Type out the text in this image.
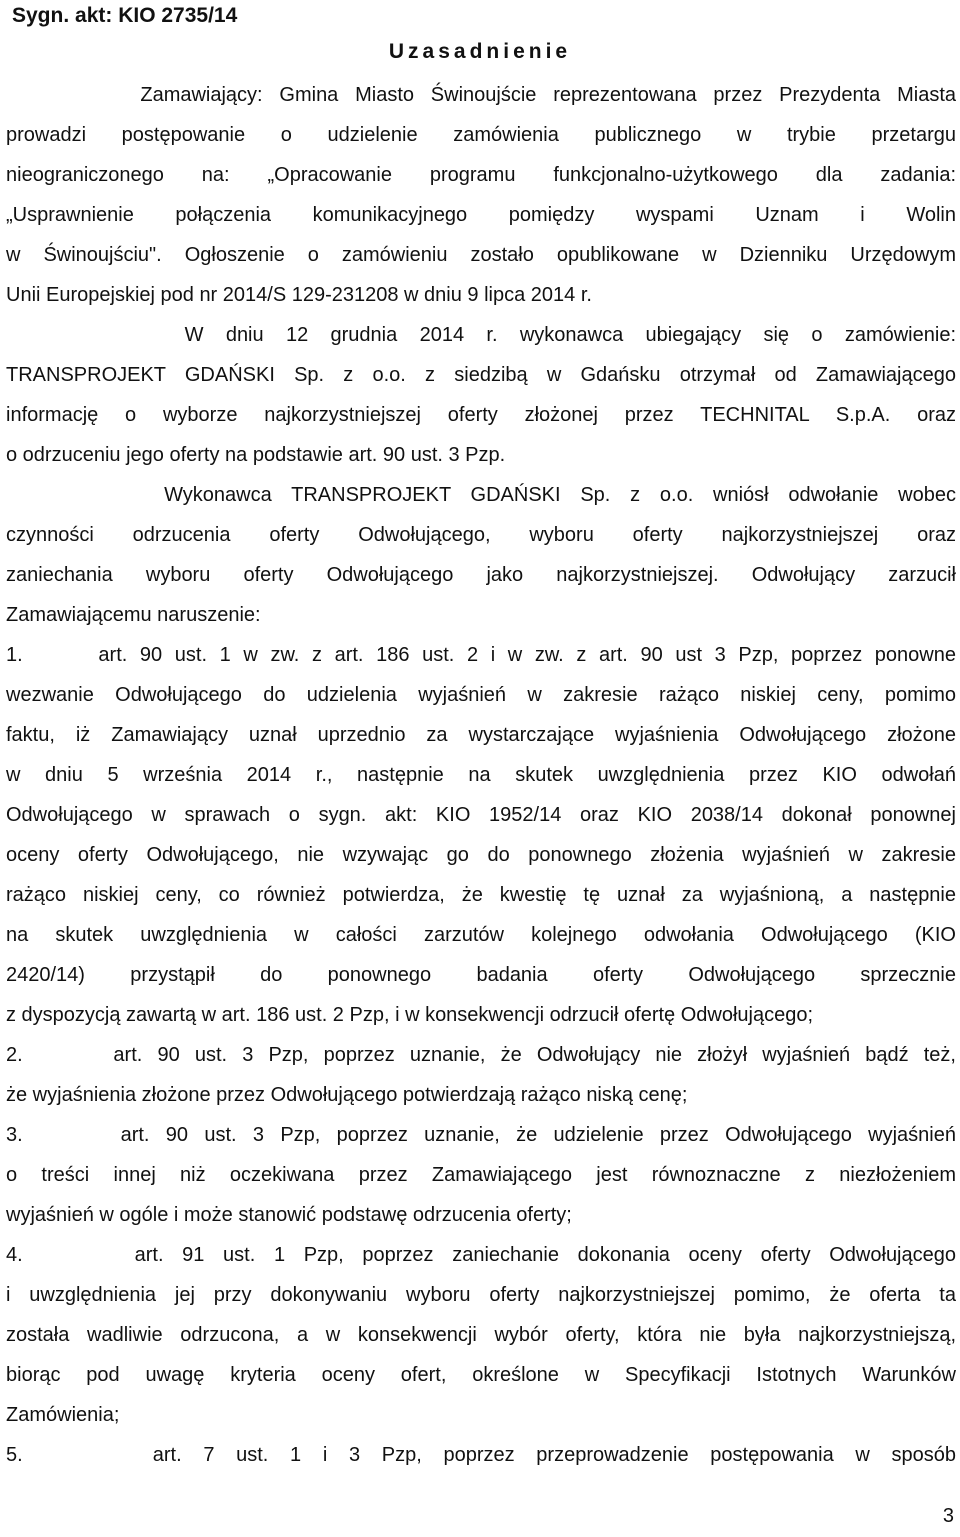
Sygn. akt: KIO 2735/14
Uzasadnienie
Zamawiający: Gmina Miasto Świnoujście reprezentowana przez Prezydenta Miasta
prowadzi postępowanie o udzielenie zamówienia publicznego w trybie przetargu
nieograniczonego na: „Opracowanie programu funkcjonalno-użytkowego dla zadania:
„Usprawnienie połączenia komunikacyjnego pomiędzy wyspami Uznam i Wolin
w Świnoujściu". Ogłoszenie o zamówieniu zostało opublikowane w Dzienniku Urzędowym
Unii Europejskiej pod nr 2014/S 129-231208 w dniu 9 lipca 2014 r.
W dniu 12 grudnia 2014 r. wykonawca ubiegający się o zamówienie:
TRANSPROJEKT GDAŃSKI Sp. z o.o. z siedzibą w Gdańsku otrzymał od Zamawiającego
informację o wyborze najkorzystniejszej oferty złożonej przez TECHNITAL S.p.A. oraz
o odrzuceniu jego oferty na podstawie art. 90 ust. 3 Pzp.
Wykonawca TRANSPROJEKT GDAŃSKI Sp. z o.o. wniósł odwołanie wobec
czynności odrzucenia oferty Odwołującego, wyboru oferty najkorzystniejszej oraz
zaniechania wyboru oferty Odwołującego jako najkorzystniejszej. Odwołujący zarzucił
Zamawiającemu naruszenie:
1.      art. 90 ust. 1 w zw. z art. 186 ust. 2 i w zw. z art. 90 ust 3 Pzp, poprzez ponowne
wezwanie Odwołującego do udzielenia wyjaśnień w zakresie rażąco niskiej ceny, pomimo
faktu, iż Zamawiający uznał uprzednio za wystarczające wyjaśnienia Odwołującego złożone
w dniu 5 września 2014 r., następnie na skutek uwzględnienia przez KIO odwołań
Odwołującego w sprawach o sygn. akt: KIO 1952/14 oraz KIO 2038/14 dokonał ponownej
oceny oferty Odwołującego, nie wzywając go do ponownego złożenia wyjaśnień w zakresie
rażąco niskiej ceny, co również potwierdza, że kwestię tę uznał za wyjaśnioną, a następnie
na skutek uwzględnienia w całości zarzutów kolejnego odwołania Odwołującego (KIO
2420/14) przystąpił do ponownego badania oferty Odwołującego sprzecznie
z dyspozycją zawartą w art. 186 ust. 2 Pzp, i w konsekwencji odrzucił ofertę Odwołującego;
2.      art. 90 ust. 3 Pzp, poprzez uznanie, że Odwołujący nie złożył wyjaśnień bądź też,
że wyjaśnienia złożone przez Odwołującego potwierdzają rażąco niską cenę;
3.      art. 90 ust. 3 Pzp, poprzez uznanie, że udzielenie przez Odwołującego wyjaśnień
o treści innej niż oczekiwana przez Zamawiającego jest równoznaczne z niezłożeniem
wyjaśnień w ogóle i może stanowić podstawę odrzucenia oferty;
4.      art. 91 ust. 1 Pzp, poprzez zaniechanie dokonania oceny oferty Odwołującego
i uwzględnienia jej przy dokonywaniu wyboru oferty najkorzystniejszej pomimo, że oferta ta
została wadliwie odrzucona, a w konsekwencji wybór oferty, która nie była najkorzystniejszą,
biorąc pod uwagę kryteria oceny ofert, określone w Specyfikacji Istotnych Warunków
Zamówienia;
5.      art. 7 ust. 1 i 3 Pzp, poprzez przeprowadzenie postępowania w sposób
3
